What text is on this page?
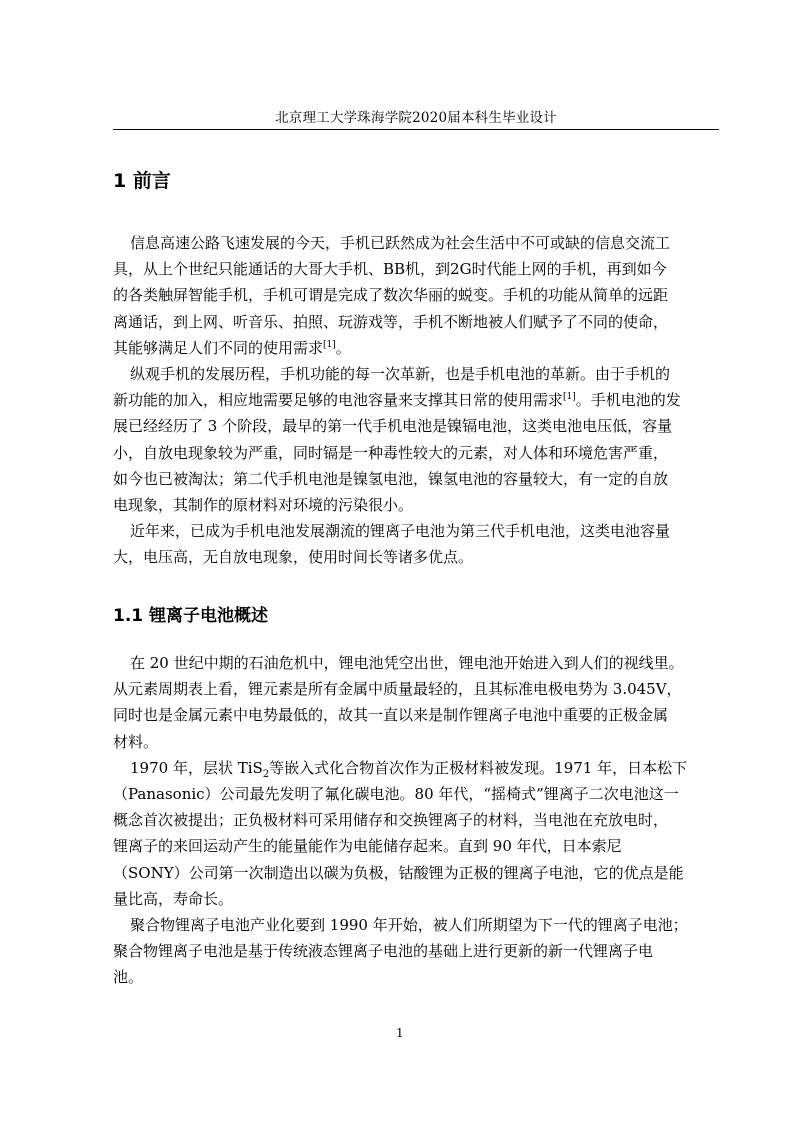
北京理工大学珠海学院2020届本科生毕业设计
1 前言
信息高速公路飞速发展的今天，手机已跃然成为社会生活中不可或缺的信息交流工
具，从上个世纪只能通话的大哥大手机、BB机，到2G时代能上网的手机，再到如今
的各类触屏智能手机，手机可谓是完成了数次华丽的蜕变。手机的功能从简单的远距
离通话，到上网、听音乐、拍照、玩游戏等，手机不断地被人们赋予了不同的使命，
其能够满足人们不同的使用需求[1]。
纵观手机的发展历程，手机功能的每一次革新，也是手机电池的革新。由于手机的
新功能的加入，相应地需要足够的电池容量来支撑其日常的使用需求[1]。手机电池的发
展已经经历了 3 个阶段，最早的第一代手机电池是镍镉电池，这类电池电压低，容量
小，自放电现象较为严重，同时镉是一种毒性较大的元素，对人体和环境危害严重，
如今也已被淘汰；第二代手机电池是镍氢电池，镍氢电池的容量较大，有一定的自放
电现象，其制作的原材料对环境的污染很小。
近年来，已成为手机电池发展潮流的锂离子电池为第三代手机电池，这类电池容量
大，电压高，无自放电现象，使用时间长等诸多优点。
1.1 锂离子电池概述
在 20 世纪中期的石油危机中，锂电池凭空出世，锂电池开始进入到人们的视线里。
从元素周期表上看，锂元素是所有金属中质量最轻的，且其标准电极电势为 3.045V，
同时也是金属元素中电势最低的，故其一直以来是制作锂离子电池中重要的正极金属
材料。
1970 年，层状 TiS$_2$等嵌入式化合物首次作为正极材料被发现。1971 年，日本松下
（Panasonic）公司最先发明了氟化碳电池。80 年代，“摇椅式”锂离子二次电池这一
概念首次被提出；正负极材料可采用储存和交换锂离子的材料，当电池在充放电时，
锂离子的来回运动产生的能量能作为电能储存起来。直到 90 年代，日本索尼
（SONY）公司第一次制造出以碳为负极，钴酸锂为正极的锂离子电池，它的优点是能
量比高，寿命长。
聚合物锂离子电池产业化要到 1990 年开始，被人们所期望为下一代的锂离子电池；
聚合物锂离子电池是基于传统液态锂离子电池的基础上进行更新的新一代锂离子电
池。
1
